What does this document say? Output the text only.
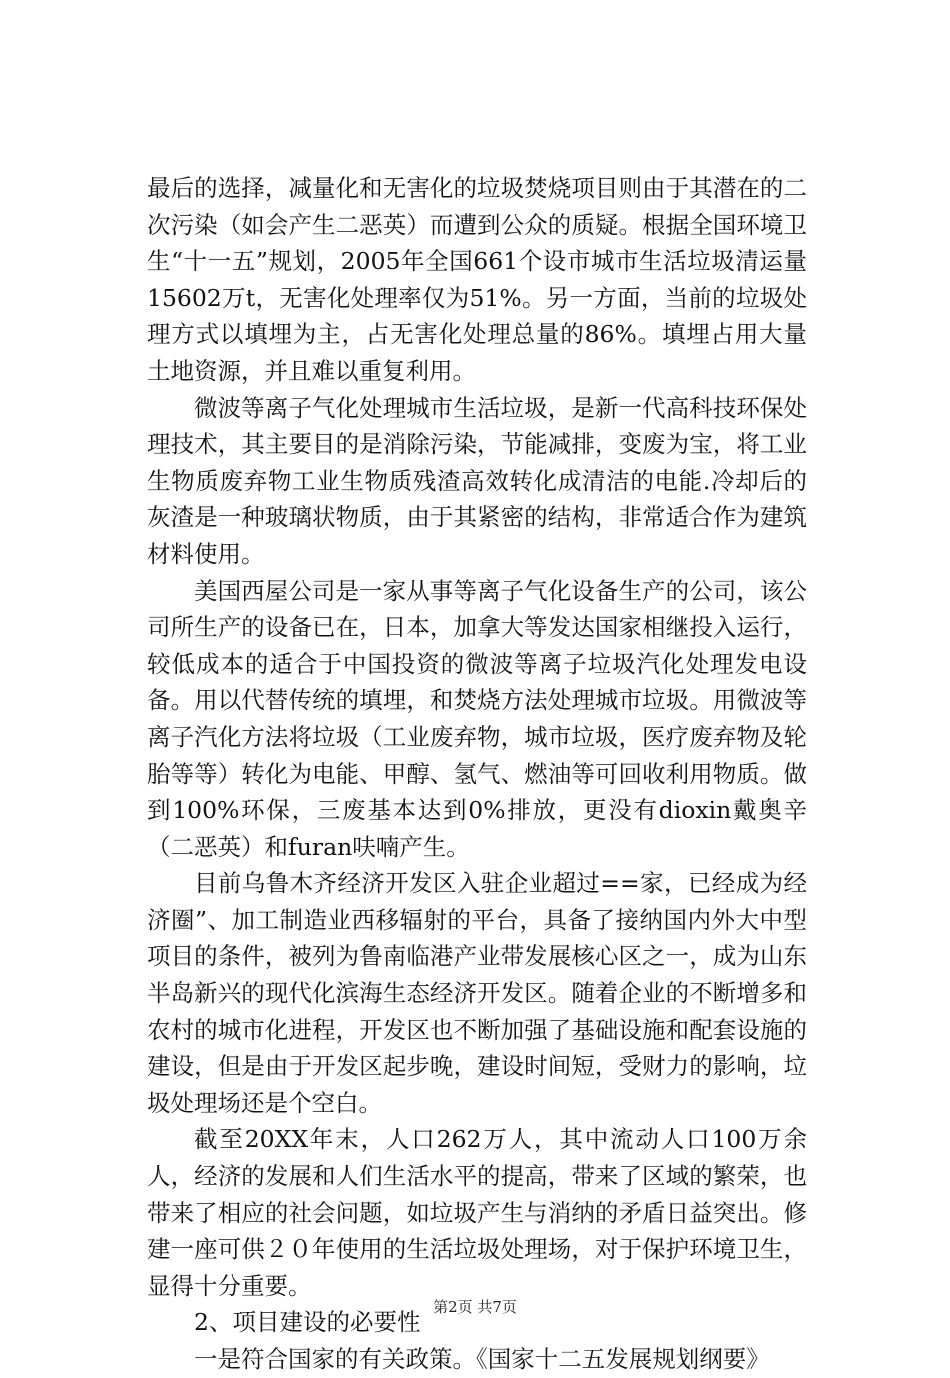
最后的选择，减量化和无害化的垃圾焚烧项目则由于其潜在的二次污染（如会产生二恶英）而遭到公众的质疑。根据全国环境卫生“十一五”规划，2005年全国661个设市城市生活垃圾清运量15602万t，无害化处理率仅为51%。另一方面，当前的垃圾处理方式以填埋为主，占无害化处理总量的86%。填埋占用大量土地资源，并且难以重复利用。

微波等离子气化处理城市生活垃圾，是新一代高科技环保处理技术，其主要目的是消除污染，节能减排，变废为宝，将工业生物质废弃物工业生物质残渣高效转化成清洁的电能.冷却后的灰渣是一种玻璃状物质，由于其紧密的结构，非常适合作为建筑材料使用。

美国西屋公司是一家从事等离子气化设备生产的公司，该公司所生产的设备已在，日本，加拿大等发达国家相继投入运行，较低成本的适合于中国投资的微波等离子垃圾汽化处理发电设备。用以代替传统的填埋，和焚烧方法处理城市垃圾。用微波等离子汽化方法将垃圾（工业废弃物，城市垃圾，医疗废弃物及轮胎等等）转化为电能、甲醇、氢气、燃油等可回收利用物质。做到100%环保，三废基本达到0%排放，更没有dioxin戴奥辛（二恶英）和furan呋喃产生。

目前乌鲁木齐经济开发区入驻企业超过==家，已经成为经济圈”、加工制造业西移辐射的平台，具备了接纳国内外大中型项目的条件，被列为鲁南临港产业带发展核心区之一，成为山东半岛新兴的现代化滨海生态经济开发区。随着企业的不断增多和农村的城市化进程，开发区也不断加强了基础设施和配套设施的建设，但是由于开发区起步晚，建设时间短，受财力的影响，垃圾处理场还是个空白。

截至20XX年末，人口262万人，其中流动人口100万余人，经济的发展和人们生活水平的提高，带来了区域的繁荣，也带来了相应的社会问题，如垃圾产生与消纳的矛盾日益突出。修建一座可供２０年使用的生活垃圾处理场，对于保护环境卫生，显得十分重要。

2、项目建设的必要性

一是符合国家的有关政策。《国家十二五发展规划纲要》

第2页 共7页
